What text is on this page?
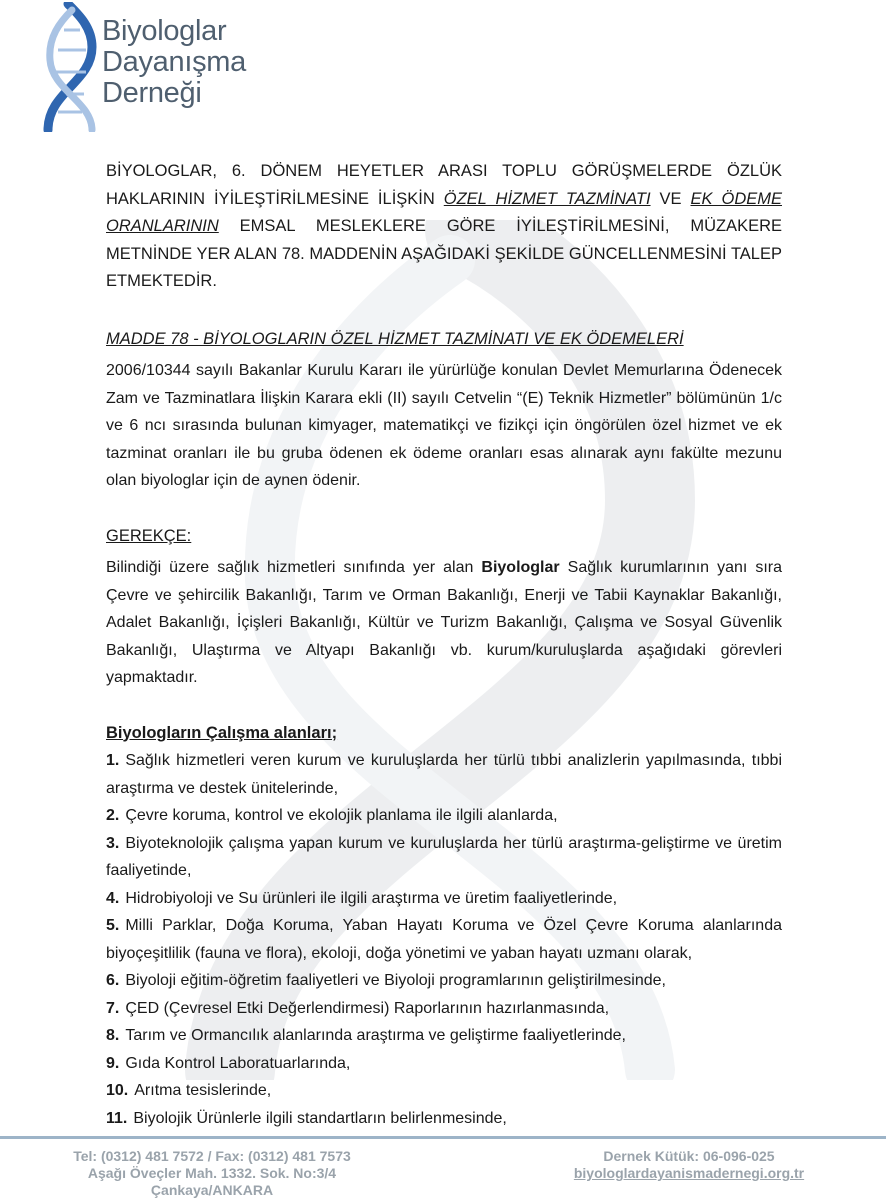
Biyologlar
Dayanışma
Derneği

BİYOLOGLAR, 6. DÖNEM HEYETLER ARASI TOPLU GÖRÜŞMELERDE ÖZLÜK HAKLARININ İYİLEŞTİRİLMESİNE İLİŞKİN ÖZEL HİZMET TAZMİNATI VE EK ÖDEME ORANLARININ EMSAL MESLEKLERE GÖRE İYİLEŞTİRİLMESİNİ, MÜZAKERE METNİNDE YER ALAN 78. MADDENİN AŞAĞIDAKİ ŞEKİLDE GÜNCELLENMESİNİ TALEP ETMEKTEDİR.

MADDE 78 - BİYOLOGLARIN ÖZEL HİZMET TAZMİNATI VE EK ÖDEMELERİ

2006/10344 sayılı Bakanlar Kurulu Kararı ile yürürlüğe konulan Devlet Memurlarına Ödenecek Zam ve Tazminatlara İlişkin Karara ekli (II) sayılı Cetvelin “(E) Teknik Hizmetler” bölümünün 1/c ve 6 ncı sırasında bulunan kimyager, matematikçi ve fizikçi için öngörülen özel hizmet ve ek tazminat oranları ile bu gruba ödenen ek ödeme oranları esas alınarak aynı fakülte mezunu olan biyologlar için de aynen ödenir.

GEREKÇE:

Bilindiği üzere sağlık hizmetleri sınıfında yer alan Biyologlar Sağlık kurumlarının yanı sıra Çevre ve şehircilik Bakanlığı, Tarım ve Orman Bakanlığı, Enerji ve Tabii Kaynaklar Bakanlığı, Adalet Bakanlığı, İçişleri Bakanlığı, Kültür ve Turizm Bakanlığı, Çalışma ve Sosyal Güvenlik Bakanlığı, Ulaştırma ve Altyapı Bakanlığı vb. kurum/kuruluşlarda aşağıdaki görevleri yapmaktadır.

Biyologların Çalışma alanları;
1. Sağlık hizmetleri veren kurum ve kuruluşlarda her türlü tıbbi analizlerin yapılmasında, tıbbi araştırma ve destek ünitelerinde,
2. Çevre koruma, kontrol ve ekolojik planlama ile ilgili alanlarda,
3. Biyoteknolojik çalışma yapan kurum ve kuruluşlarda her türlü araştırma-geliştirme ve üretim faaliyetinde,
4. Hidrobiyoloji ve Su ürünleri ile ilgili araştırma ve üretim faaliyetlerinde,
5. Milli Parklar, Doğa Koruma, Yaban Hayatı Koruma ve Özel Çevre Koruma alanlarında biyoçeşitlilik (fauna ve flora), ekoloji, doğa yönetimi ve yaban hayatı uzmanı olarak,
6. Biyoloji eğitim-öğretim faaliyetleri ve Biyoloji programlarının geliştirilmesinde,
7. ÇED (Çevresel Etki Değerlendirmesi) Raporlarının hazırlanmasında,
8. Tarım ve Ormancılık alanlarında araştırma ve geliştirme faaliyetlerinde,
9. Gıda Kontrol Laboratuarlarında,
10. Arıtma tesislerinde,
11. Biyolojik Ürünlerle ilgili standartların belirlenmesinde,
Tel: (0312) 481 7572 / Fax: (0312) 481 7573
Aşağı Öveçler Mah. 1332. Sok. No:3/4
Çankaya/ANKARA
Dernek Kütük: 06-096-025
biyologlardayanismadernegi.org.tr
